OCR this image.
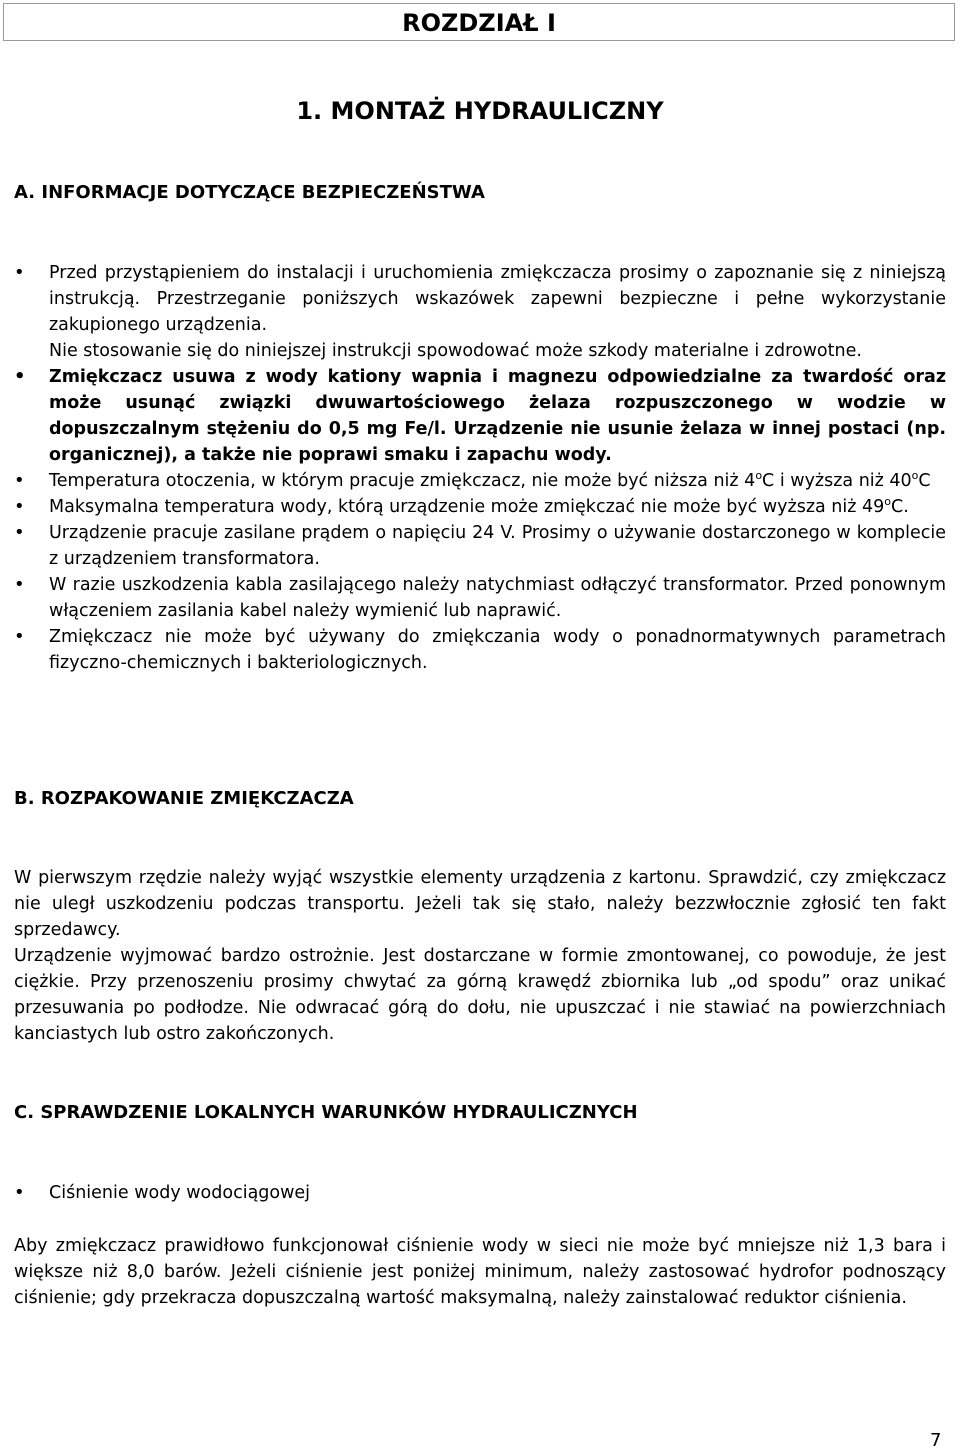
ROZDZIAŁ I
1. MONTAŻ HYDRAULICZNY
A. INFORMACJE DOTYCZĄCE BEZPIECZEŃSTWA
• Przed przystąpieniem do instalacji i uruchomienia zmiękczacza prosimy o zapoznanie się z niniejszą instrukcją. Przestrzeganie poniższych wskazówek zapewni bezpieczne i pełne wykorzystanie zakupionego urządzenia.
Nie stosowanie się do niniejszej instrukcji spowodować może szkody materialne i zdrowotne.
• Zmiękczacz usuwa z wody kationy wapnia i magnezu odpowiedzialne za twardość oraz może usunąć związki dwuwartościowego żelaza rozpuszczonego w wodzie w dopuszczalnym stężeniu do 0,5 mg Fe/l. Urządzenie nie usunie żelaza w innej postaci (np. organicznej), a także nie poprawi smaku i zapachu wody.
• Temperatura otoczenia, w którym pracuje zmiękczacz, nie może być niższa niż 4$^o$C i wyższa niż 40$^o$C
• Maksymalna temperatura wody, którą urządzenie może zmiękczać nie może być wyższa niż 49$^o$C.
• Urządzenie pracuje zasilane prądem o napięciu 24 V. Prosimy o używanie dostarczonego w komplecie z urządzeniem transformatora.
• W razie uszkodzenia kabla zasilającego należy natychmiast odłączyć transformator. Przed ponownym włączeniem zasilania kabel należy wymienić lub naprawić.
• Zmiękczacz nie może być używany do zmiękczania wody o ponadnormatywnych parametrach fizyczno-chemicznych i bakteriologicznych.
B. ROZPAKOWANIE ZMIĘKCZACZA

W pierwszym rzędzie należy wyjąć wszystkie elementy urządzenia z kartonu. Sprawdzić, czy zmiękczacz nie uległ uszkodzeniu podczas transportu. Jeżeli tak się stało, należy bezzwłocznie zgłosić ten fakt sprzedawcy.

Urządzenie wyjmować bardzo ostrożnie. Jest dostarczane w formie zmontowanej, co powoduje, że jest ciężkie. Przy przenoszeniu prosimy chwytać za górną krawędź zbiornika lub „od spodu” oraz unikać przesuwania po podłodze. Nie odwracać górą do dołu, nie upuszczać i nie stawiać na powierzchniach kanciastych lub ostro zakończonych.

C. SPRAWDZENIE LOKALNYCH WARUNKÓW HYDRAULICZNYCH
• Ciśnienie wody wodociągowej

Aby zmiękczacz prawidłowo funkcjonował ciśnienie wody w sieci nie może być mniejsze niż 1,3 bara i większe niż 8,0 barów. Jeżeli ciśnienie jest poniżej minimum, należy zastosować hydrofor podnoszący ciśnienie; gdy przekracza dopuszczalną wartość maksymalną, należy zainstalować reduktor ciśnienia.

7
